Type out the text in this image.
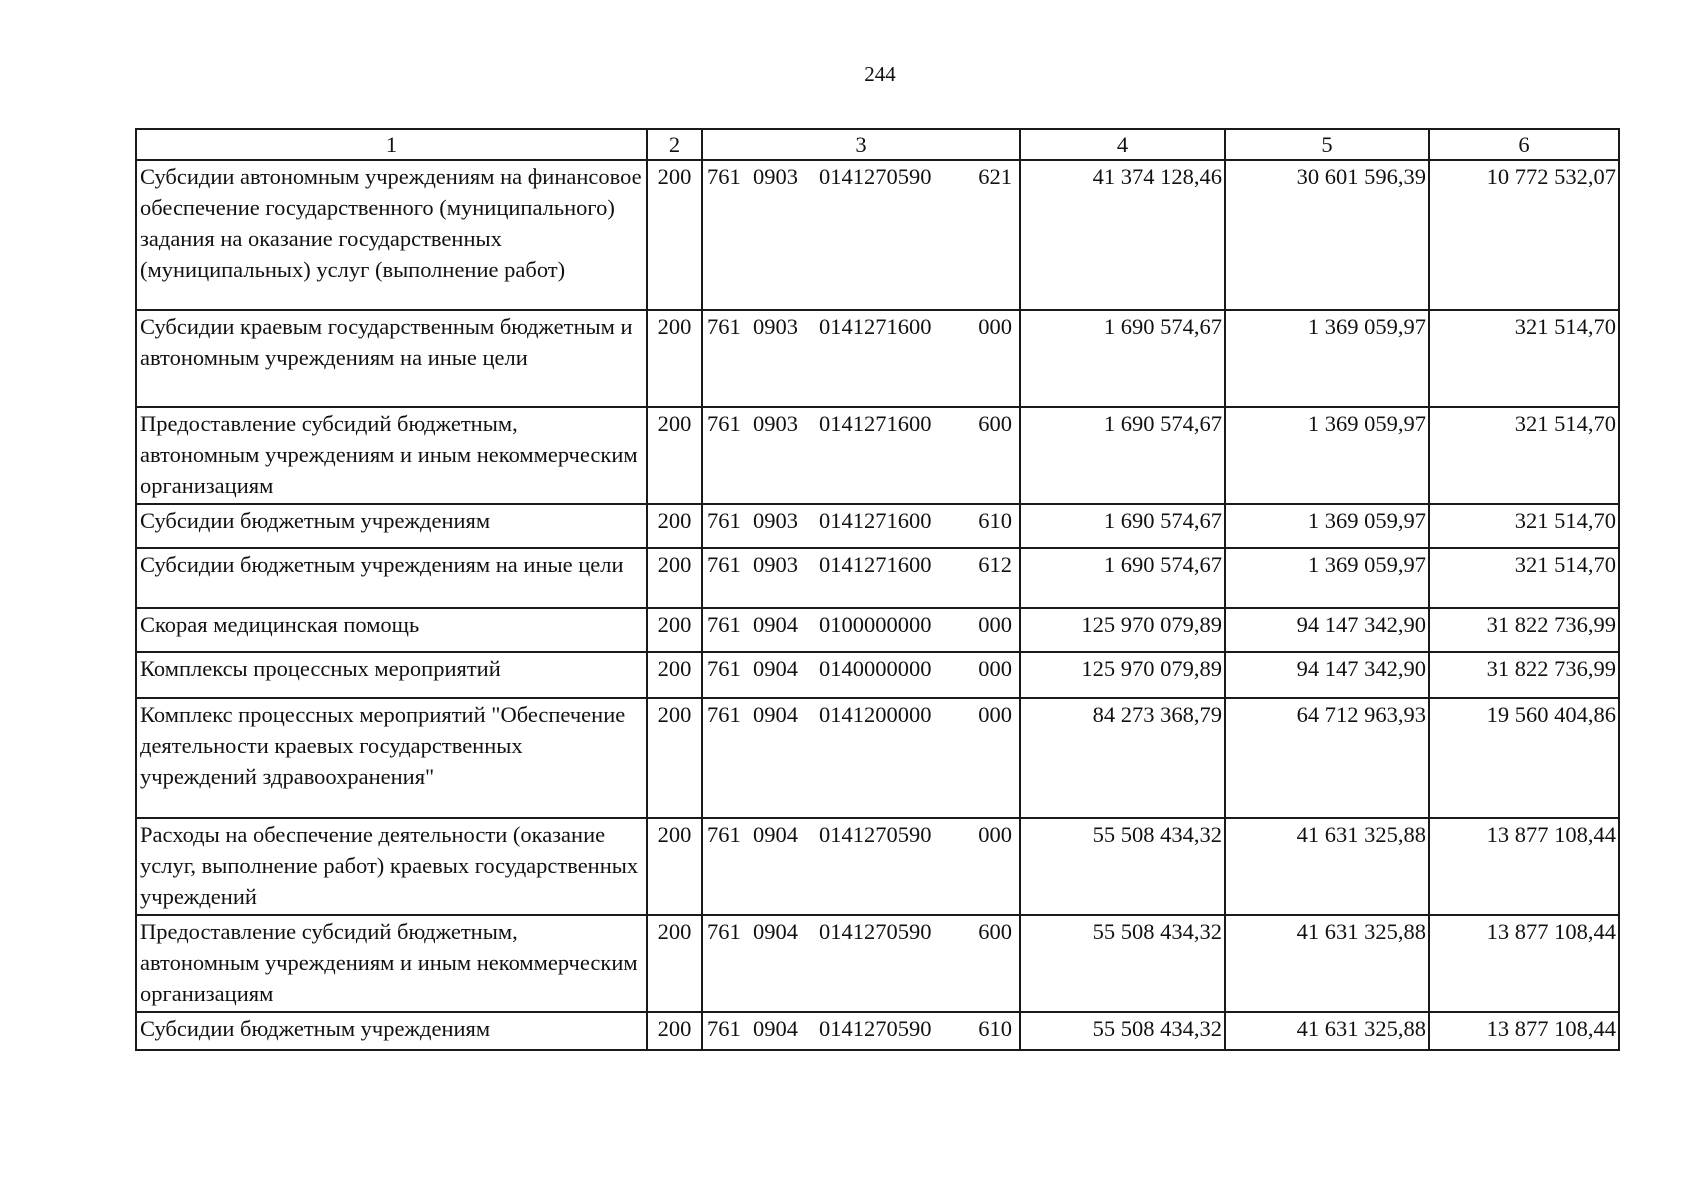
244
1	2	3	4	5	6
Субсидии автономным учреждениям на финансовое обеспечение государственного (муниципального) задания на оказание государственных (муниципальных) услуг (выполнение работ)	200	761 0903 0141270590 621	41 374 128,46	30 601 596,39	10 772 532,07
Субсидии краевым государственным бюджетным и автономным учреждениям на иные цели	200	761 0903 0141271600 000	1 690 574,67	1 369 059,97	321 514,70
Предоставление субсидий бюджетным, автономным учреждениям и иным некоммерческим организациям	200	761 0903 0141271600 600	1 690 574,67	1 369 059,97	321 514,70
Субсидии бюджетным учреждениям	200	761 0903 0141271600 610	1 690 574,67	1 369 059,97	321 514,70
Субсидии бюджетным учреждениям на иные цели	200	761 0903 0141271600 612	1 690 574,67	1 369 059,97	321 514,70
Скорая медицинская помощь	200	761 0904 0100000000 000	125 970 079,89	94 147 342,90	31 822 736,99
Комплексы процессных мероприятий	200	761 0904 0140000000 000	125 970 079,89	94 147 342,90	31 822 736,99
Комплекс процессных мероприятий "Обеспечение деятельности краевых государственных учреждений здравоохранения"	200	761 0904 0141200000 000	84 273 368,79	64 712 963,93	19 560 404,86
Расходы на обеспечение деятельности (оказание услуг, выполнение работ) краевых государственных учреждений	200	761 0904 0141270590 000	55 508 434,32	41 631 325,88	13 877 108,44
Предоставление субсидий бюджетным, автономным учреждениям и иным некоммерческим организациям	200	761 0904 0141270590 600	55 508 434,32	41 631 325,88	13 877 108,44
Субсидии бюджетным учреждениям	200	761 0904 0141270590 610	55 508 434,32	41 631 325,88	13 877 108,44
